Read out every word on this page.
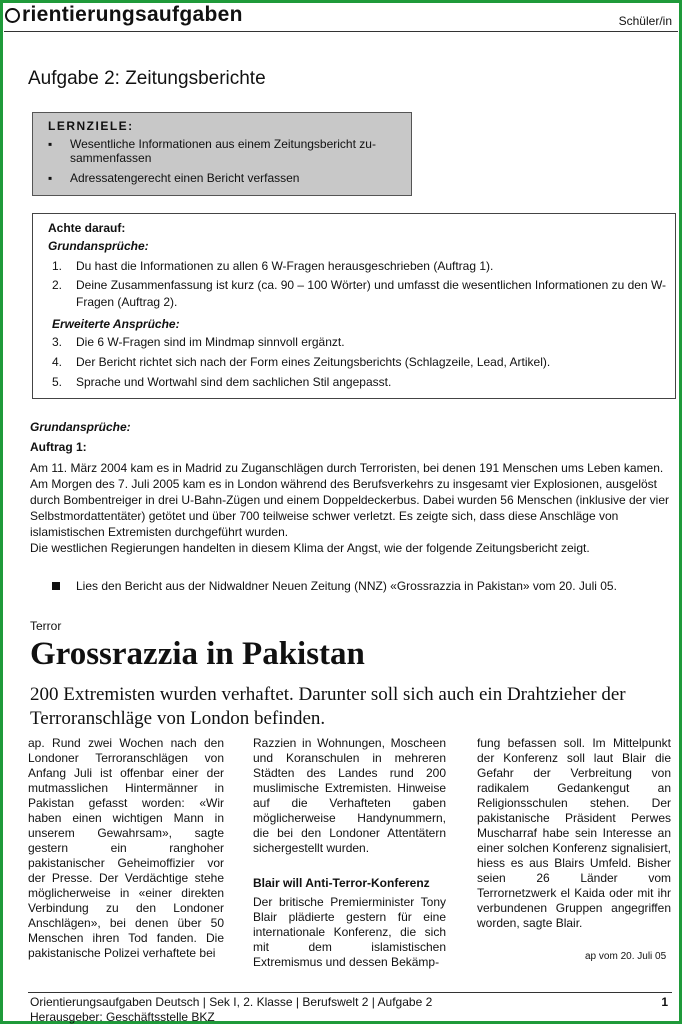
rientierungsaufgaben	Schüler/in
Aufgabe 2: Zeitungsberichte
LERNZIELE:
▪ Wesentliche Informationen aus einem Zeitungsbericht zu-sammenfassen
▪ Adressatengerecht einen Bericht verfassen
Achte darauf:
Grundansprüche:
1.	Du hast die Informationen zu allen 6 W-Fragen herausgeschrieben (Auftrag 1).
2.	Deine Zusammenfassung ist kurz (ca. 90 – 100 Wörter) und umfasst die wesentlichen Informationen zu den W-Fragen (Auftrag 2).
Erweiterte Ansprüche:
3.	Die 6 W-Fragen sind im Mindmap sinnvoll ergänzt.
4.	Der Bericht richtet sich nach der Form eines Zeitungsberichts (Schlagzeile, Lead, Artikel).
5.	Sprache und Wortwahl sind dem sachlichen Stil angepasst.
Grundansprüche:
Auftrag 1:

Am 11. März 2004 kam es in Madrid zu Zuganschlägen durch Terroristen, bei denen 191 Menschen ums Leben kamen. Am Morgen des 7. Juli 2005 kam es in London während des Berufsverkehrs zu insgesamt vier Explosionen, ausgelöst durch Bombentreiger in drei U-Bahn-Zügen und einem Doppeldeckerbus. Dabei wurden 56 Menschen (inklusive der vier Selbstmordattentäter) getötet und über 700 teilweise schwer verletzt. Es zeigte sich, dass diese Anschläge von islamistischen Extremisten durchgeführt wurden.

Die westlichen Regierungen handelten in diesem Klima der Angst, wie der folgende Zeitungsbericht zeigt.

Lies den Bericht aus der Nidwaldner Neuen Zeitung (NNZ) «Grossrazzia in Pakistan» vom 20. Juli 05.
Terror
Grossrazzia in Pakistan
200 Extremisten wurden verhaftet. Darunter soll sich auch ein Drahtzieher der Terroranschläge von London befinden.

ap. Rund zwei Wochen nach den Londoner Terroranschlägen von Anfang Juli ist offenbar einer der mutmasslichen Hintermänner in Pakistan gefasst worden: «Wir haben einen wichtigen Mann in unserem Gewahrsam», sagte gestern ein ranghoher pakistanischer Geheimoffizier vor der Presse. Der Verdächtige stehe möglicherweise in «einer direkten Verbindung zu den Londoner Anschlägen», bei denen über 50 Menschen ihren Tod fanden. Die pakistanische Polizei verhaftete bei

Razzien in Wohnungen, Moscheen und Koranschulen in mehreren Städten des Landes rund 200 muslimische Extremisten. Hinweise auf die Verhafteten gaben möglicherweise Handynummern, die bei den Londoner Attentätern sichergestellt wurden.

Blair will Anti-Terror-Konferenz

Der britische Premierminister Tony Blair plädierte gestern für eine internationale Konferenz, die sich mit dem islamistischen Extremismus und dessen Bekämp-

fung befassen soll. Im Mittelpunkt der Konferenz soll laut Blair die Gefahr der Verbreitung von radikalem Gedankengut an Religionsschulen stehen. Der pakistanische Präsident Perwes Muscharraf habe sein Interesse an einer solchen Konferenz signalisiert, hiess es aus Blairs Umfeld. Bisher seien 26 Länder vom Terrornetzwerk el Kaida oder mit ihr verbundenen Gruppen angegriffen worden, sagte Blair.

ap vom 20. Juli 05
Orientierungsaufgaben Deutsch | Sek I, 2. Klasse | Berufswelt 2 | Aufgabe 2
Herausgeber: Geschäftsstelle BKZ
1
